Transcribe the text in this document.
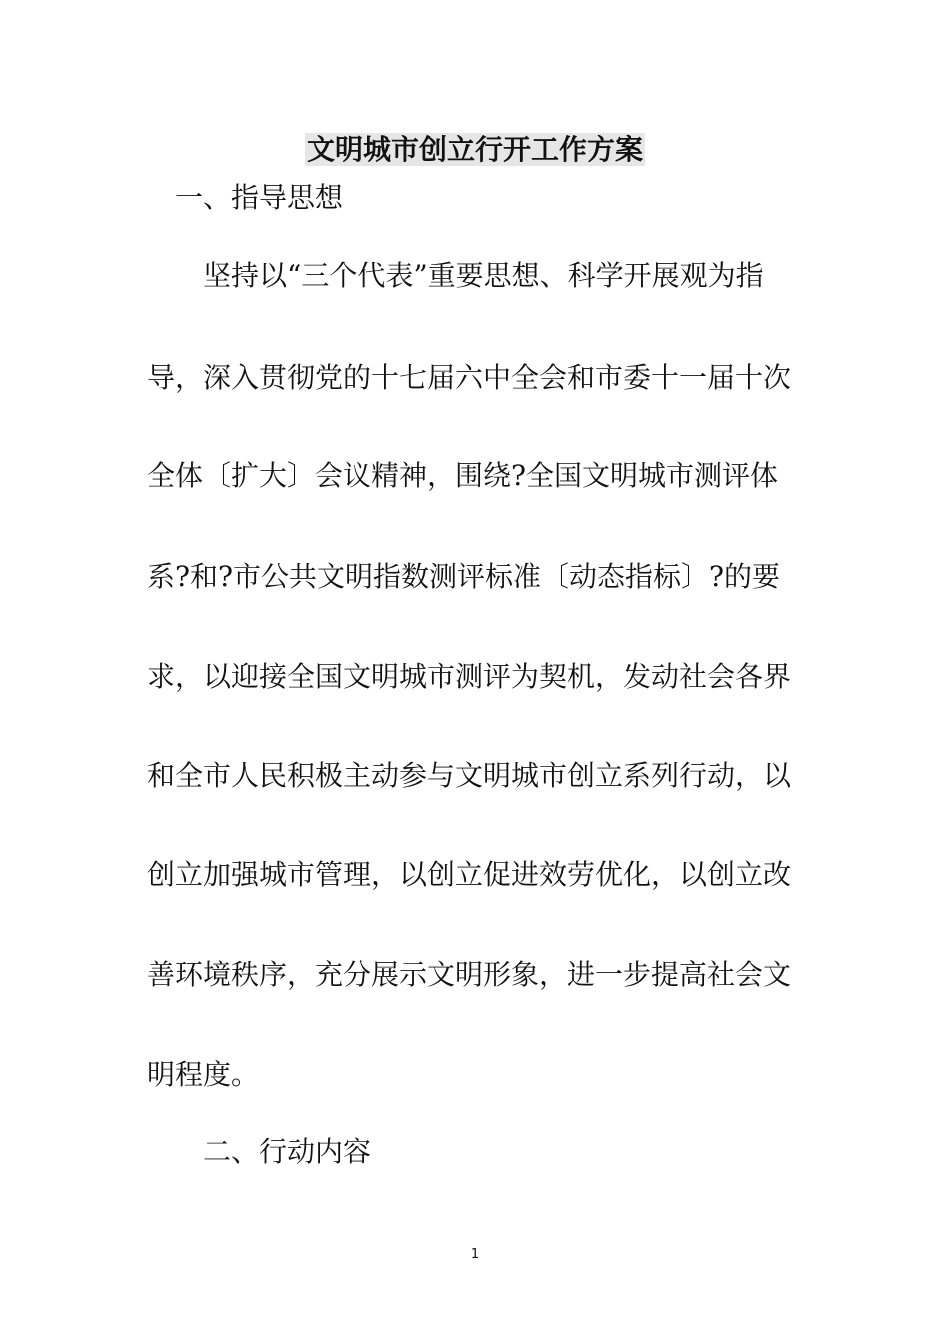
文明城市创立行开工作方案
一、指导思想
坚持以“三个代表”重要思想、科学开展观为指
导，深入贯彻党的十七届六中全会和市委十一届十次
全体〔扩大〕会议精神，围绕?全国文明城市测评体
系?和?市公共文明指数测评标准〔动态指标〕?的要
求，以迎接全国文明城市测评为契机，发动社会各界
和全市人民积极主动参与文明城市创立系列行动，以
创立加强城市管理，以创立促进效劳优化，以创立改
善环境秩序，充分展示文明形象，进一步提高社会文
明程度。
二、行动内容
1
